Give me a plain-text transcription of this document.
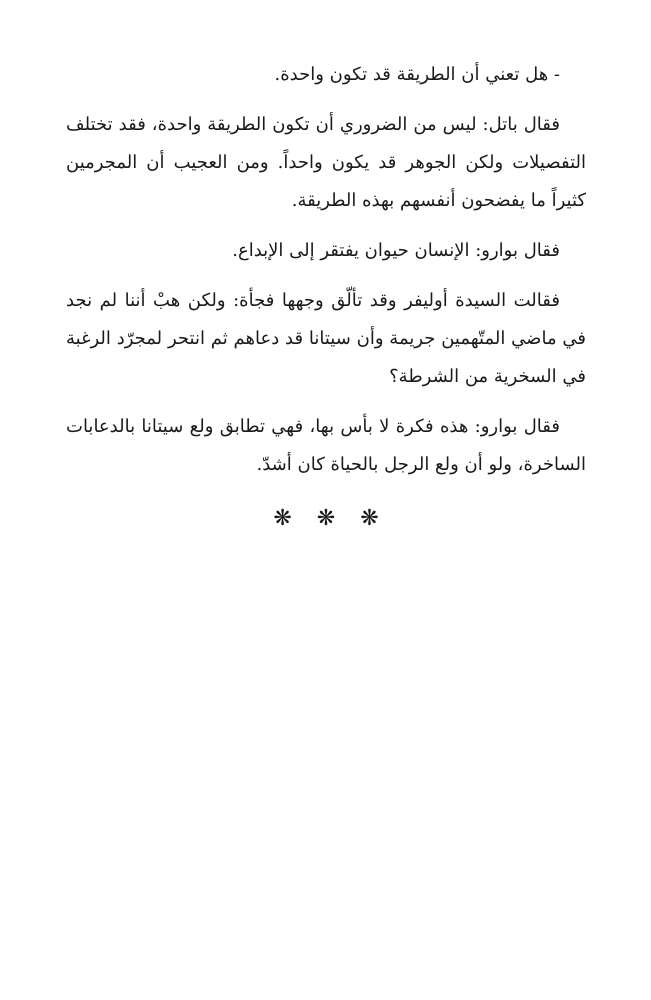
- هل تعني أن الطريقة قد تكون واحدة.

فقال باتل: ليس من الضروري أن تكون الطريقة واحدة، فقد تختلف التفصيلات ولكن الجوهر قد يكون واحداً. ومن العجيب أن المجرمين كثيراً ما يفضحون أنفسهم بهذه الطريقة.

فقال بوارو: الإنسان حيوان يفتقر إلى الإبداع.

فقالت السيدة أوليفر وقد تألّق وجهها فجأة: ولكن هبْ أننا لم نجد في ماضي المتّهمين جريمة وأن سيتانا قد دعاهم ثم انتحر لمجرّد الرغبة في السخرية من الشرطة؟

فقال بوارو: هذه فكرة لا بأس بها، فهي تطابق ولع سيتانا بالدعابات الساخرة، ولو أن ولع الرجل بالحياة كان أشدّ.

❋ ❋ ❋
